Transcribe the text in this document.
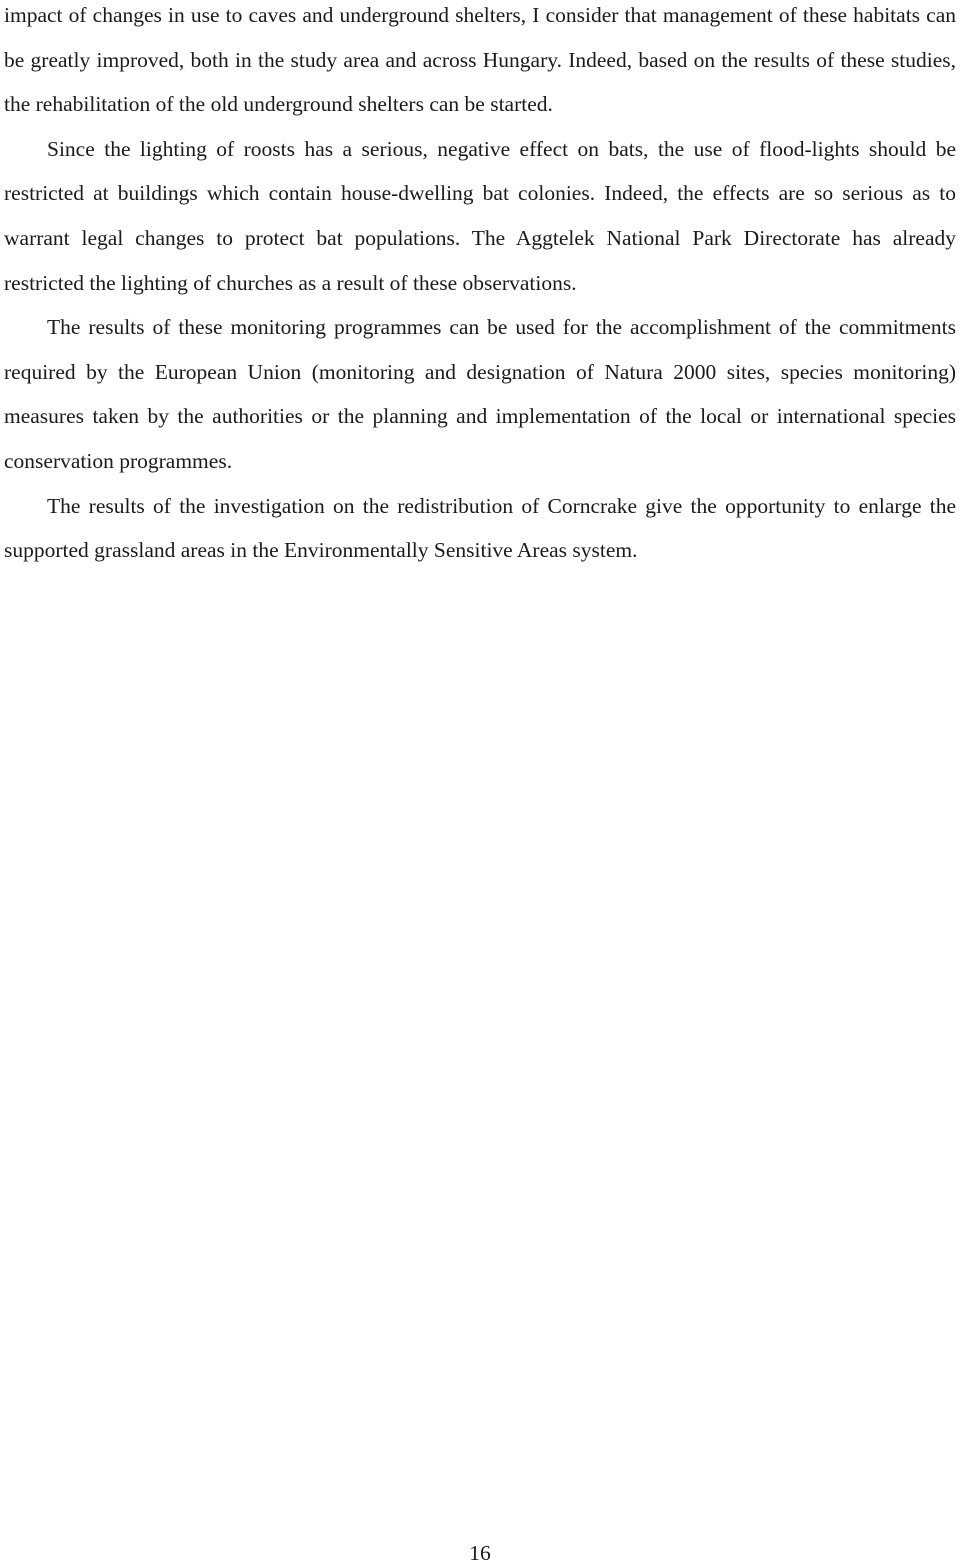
impact of changes in use to caves and underground shelters, I consider that management of these habitats can be greatly improved, both in the study area and across Hungary. Indeed, based on the results of these studies, the rehabilitation of the old underground shelters can be started.

Since the lighting of roosts has a serious, negative effect on bats, the use of flood-lights should be restricted at buildings which contain house-dwelling bat colonies. Indeed, the effects are so serious as to warrant legal changes to protect bat populations. The Aggtelek National Park Directorate has already restricted the lighting of churches as a result of these observations.

The results of these monitoring programmes can be used for the accomplishment of the commitments required by the European Union (monitoring and designation of Natura 2000 sites, species monitoring) measures taken by the authorities or the planning and implementation of the local or international species conservation programmes.

The results of the investigation on the redistribution of Corncrake give the opportunity to enlarge the supported grassland areas in the Environmentally Sensitive Areas system.

16
